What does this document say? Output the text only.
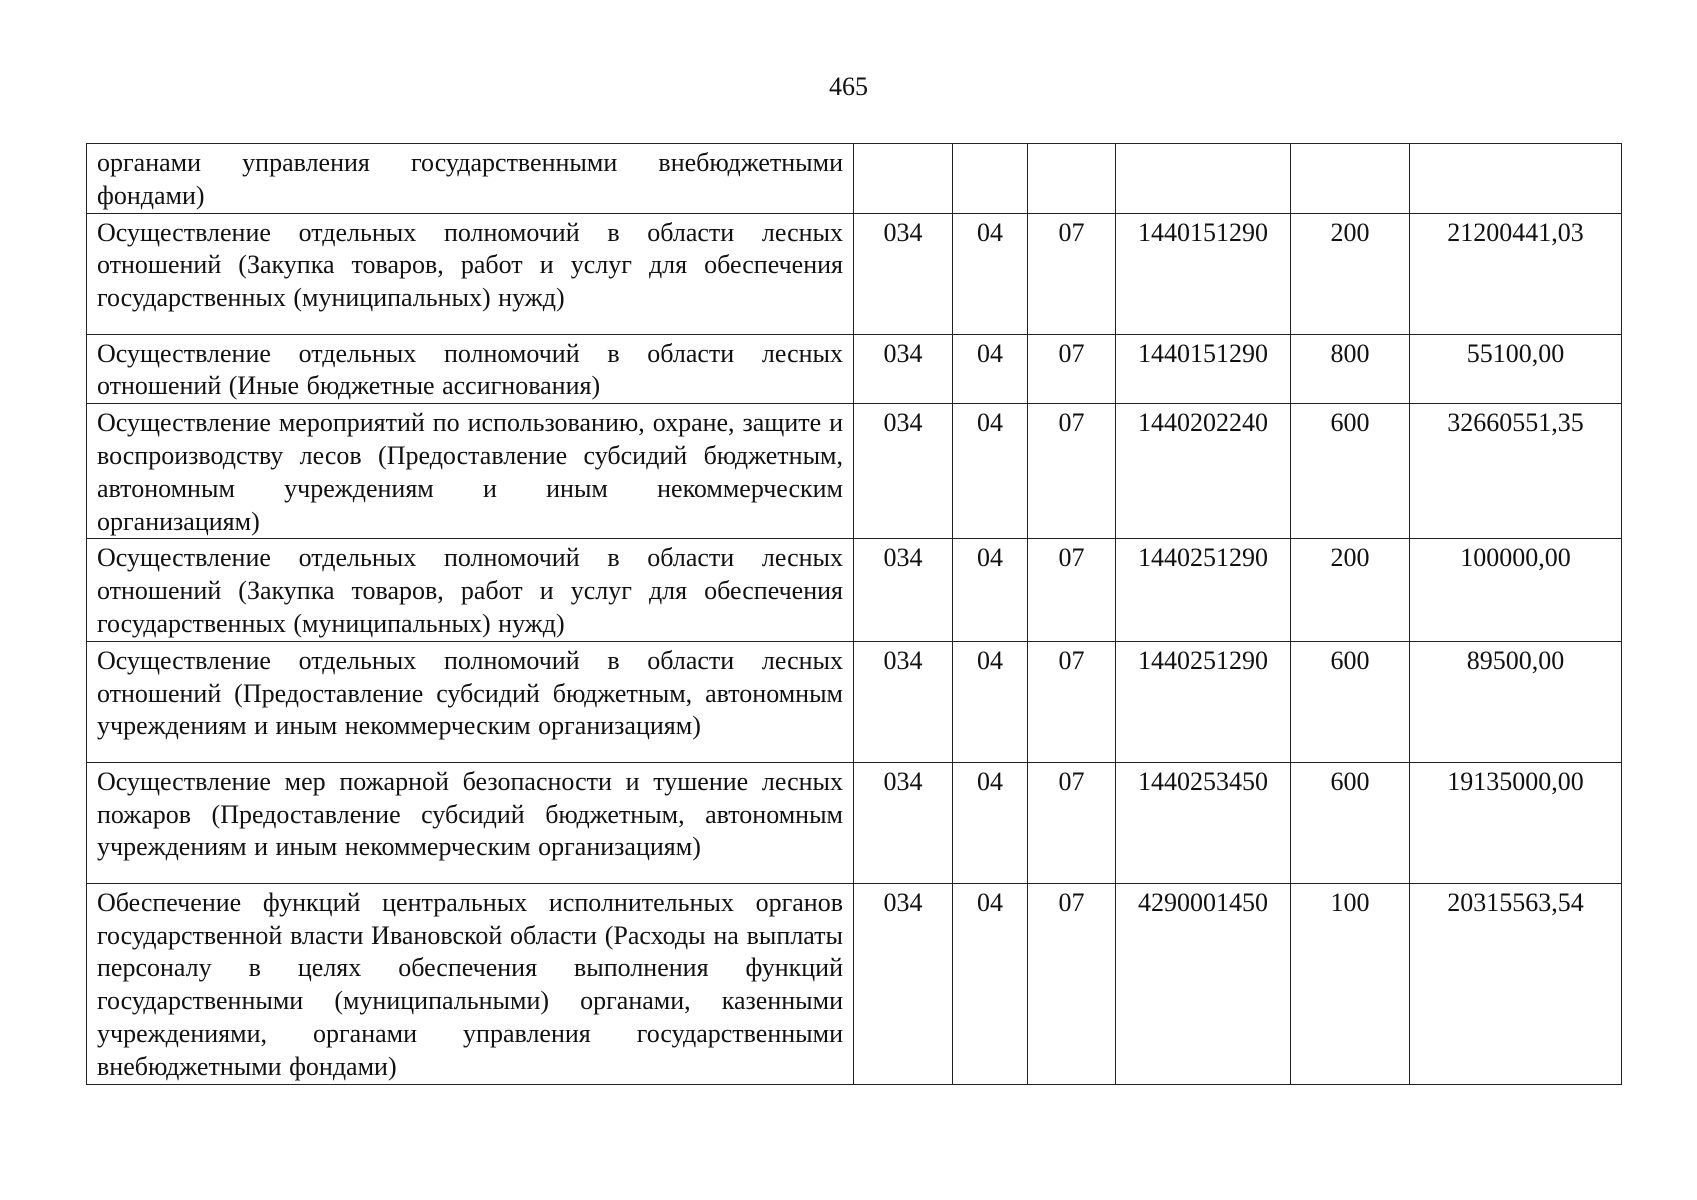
465
органами управления государственными внебюджетными фондами)						
Осуществление отдельных полномочий в области лесных отношений (Закупка товаров, работ и услуг для обеспечения государственных (муниципальных) нужд)	034	04	07	1440151290	200	21200441,03
Осуществление отдельных полномочий в области лесных отношений (Иные бюджетные ассигнования)	034	04	07	1440151290	800	55100,00
Осуществление мероприятий по использованию, охране, защите и воспроизводству лесов (Предоставление субсидий бюджетным, автономным учреждениям и иным некоммерческим организациям)	034	04	07	1440202240	600	32660551,35
Осуществление отдельных полномочий в области лесных отношений (Закупка товаров, работ и услуг для обеспечения государственных (муниципальных) нужд)	034	04	07	1440251290	200	100000,00
Осуществление отдельных полномочий в области лесных отношений (Предоставление субсидий бюджетным, автономным учреждениям и иным некоммерческим организациям)	034	04	07	1440251290	600	89500,00
Осуществление мер пожарной безопасности и тушение лесных пожаров (Предоставление субсидий бюджетным, автономным учреждениям и иным некоммерческим организациям)	034	04	07	1440253450	600	19135000,00
Обеспечение функций центральных исполнительных органов государственной власти Ивановской области (Расходы на выплаты персоналу в целях обеспечения выполнения функций государственными (муниципальными) органами, казенными учреждениями, органами управления государственными внебюджетными фондами)	034	04	07	4290001450	100	20315563,54
